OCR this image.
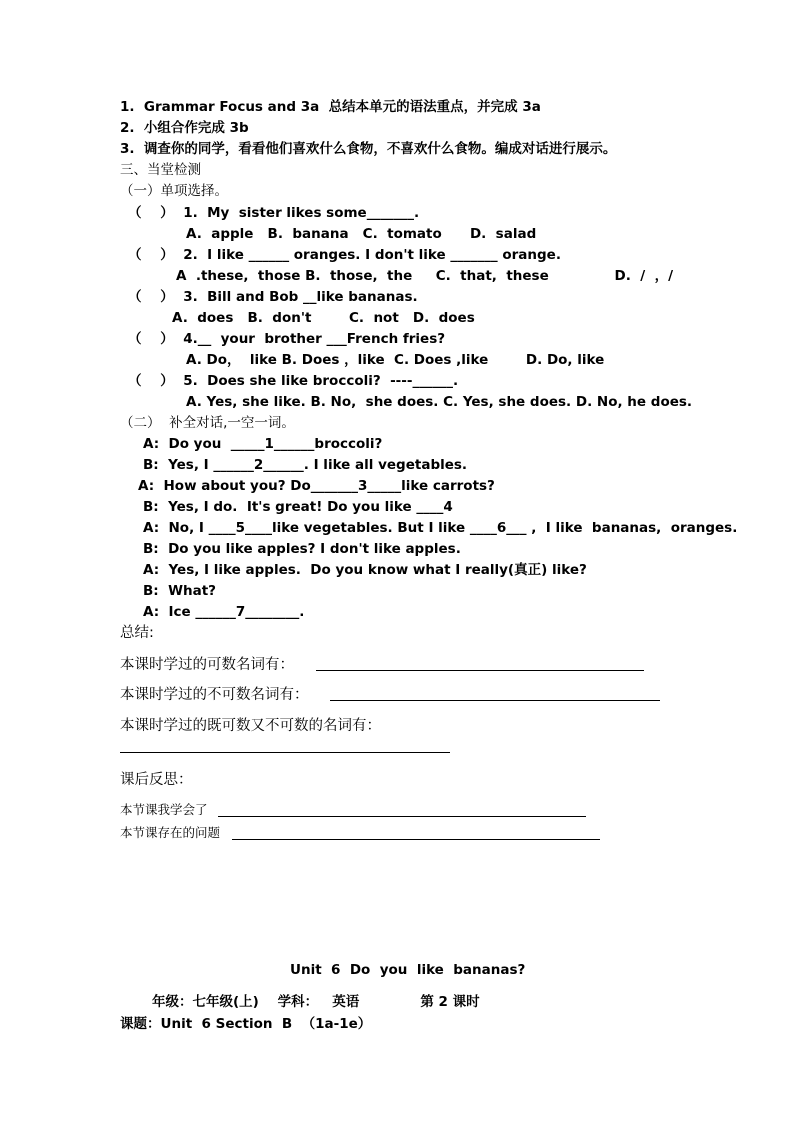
1.  Grammar Focus and 3a  总结本单元的语法重点，并完成 3a
2.  小组合作完成 3b
3.  调查你的同学，看看他们喜欢什么食物，不喜欢什么食物。编成对话进行展示。
三、当堂检测
（一）单项选择。
（    ）  1.  My  sister likes some_______.
A.  apple   B.  banana   C.  tomato      D.  salad
（    ）  2.  I like ______ oranges. I don't like _______ orange.
A  .these,  those B.  those,  the     C.  that,  these              D.  /  ，/
（    ）  3.  Bill and Bob __like bananas.
A.  does   B.  don't        C.  not   D.  does
（    ）  4.__  your  brother ___French fries?
A. Do，  like B. Does ，like  C. Does ,like        D. Do, like
（    ）  5.  Does she like broccoli?  ----______.
A. Yes, she like. B. No,  she does. C. Yes, she does. D. No, he does.
（二）  补全对话,一空一词。
A:  Do you  _____1______broccoli?
B:  Yes, I ______2______. I like all vegetables.
A:  How about you? Do_______3_____like carrots?
B:  Yes, I do.  It's great! Do you like ____4
A:  No, I ____5____like vegetables. But I like ____6___ ,  I like  bananas,  oranges.
B:  Do you like apples? I don't like apples.
A:  Yes, I like apples.  Do you know what I really(真正) like?
B:  What?
A:  Ice ______7________.
总结:
本课时学过的可数名词有：
本课时学过的不可数名词有：
本课时学过的既可数又不可数的名词有：
课后反思：
本节课我学会了
本节课存在的问题
Unit  6  Do  you  like  bananas?
年级：七年级(上)    学科：   英语             第 2 课时
课题：Unit  6 Section  B  （1a-1e）
